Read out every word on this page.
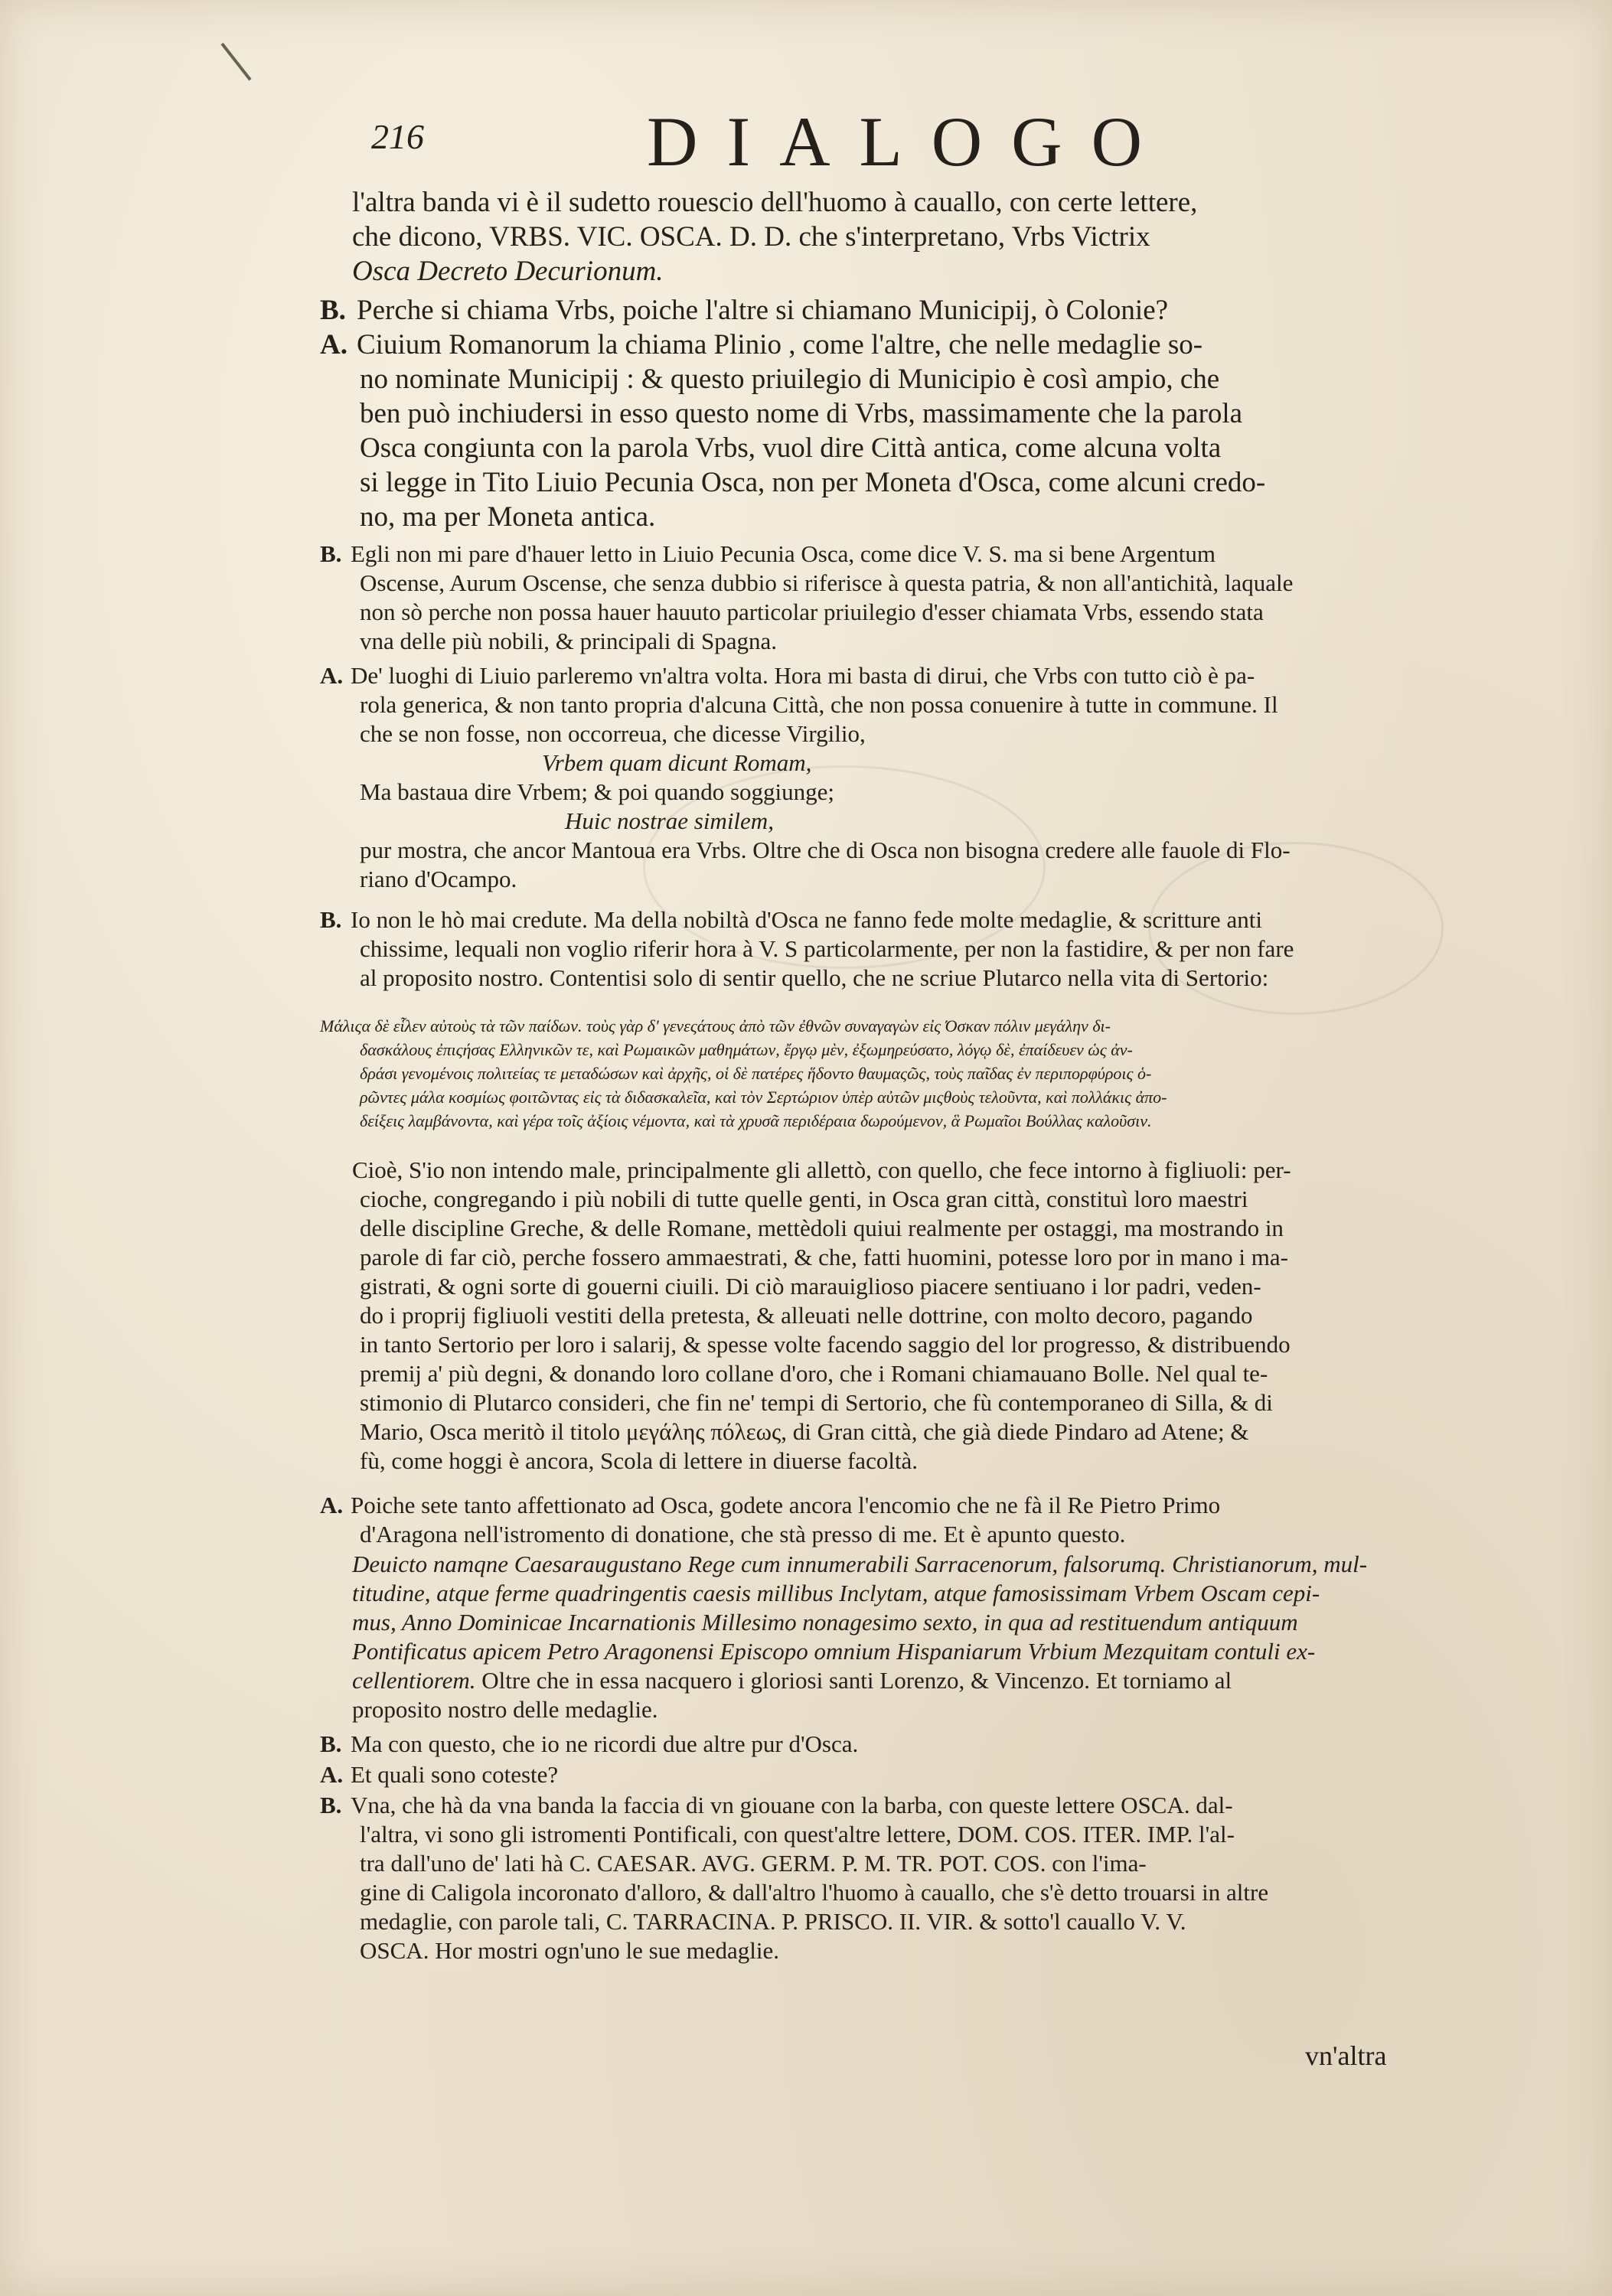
216	DIALOGO
l'altra banda vi è il sudetto rouescio dell'huomo à cauallo, con certe lettere,
che dicono, VRBS. VIC. OSCA. D. D. che s'interpretano, Vrbs Victrix
Osca Decreto Decurionum.
B. Perche si chiama Vrbs, poiche l'altre si chiamano Municipij, ò Colonie?
A. Ciuium Romanorum la chiama Plinio , come l'altre, che nelle medaglie so-
no nominate Municipij : & questo priuilegio di Municipio è così ampio, che
ben può inchiudersi in esso questo nome di Vrbs, massimamente che la parola
Osca congiunta con la parola Vrbs, vuol dire Città antica, come alcuna volta
si legge in Tito Liuio Pecunia Osca, non per Moneta d'Osca, come alcuni credo-
no, ma per Moneta antica.
B. Egli non mi pare d'hauer letto in Liuio Pecunia Osca, come dice V. S. ma si bene Argentum
Oscense, Aurum Oscense, che senza dubbio si riferisce à questa patria, & non all'antichità, laquale
non sò perche non possa hauer hauuto particolar priuilegio d'esser chiamata Vrbs, essendo stata
vna delle più nobili, & principali di Spagna.
A. De' luoghi di Liuio parleremo vn'altra volta. Hora mi basta di dirui, che Vrbs con tutto ciò è pa-
rola generica, & non tanto propria d'alcuna Città, che non possa conuenire à tutte in commune. Il
che se non fosse, non occorreua, che dicesse Virgilio,
Vrbem quam dicunt Romam,
Ma bastaua dire Vrbem; & poi quando soggiunge;
Huic nostrae similem,
pur mostra, che ancor Mantoua era Vrbs. Oltre che di Osca non bisogna credere alle fauole di Flo-
riano d'Ocampo.
B. Io non le hò mai credute. Ma della nobiltà d'Osca ne fanno fede molte medaglie, & scritture anti
chissime, lequali non voglio riferir hora à V. S particolarmente, per non la fastidire, & per non fare
al proposito nostro. Contentisi solo di sentir quello, che ne scriue Plutarco nella vita di Sertorio:
Μάλιςα δὲ εἷλεν αὐτοὺς τὰ τῶν παίδων. τοὺς γὰρ δ' γενεςάτους ἀπὸ τῶν ἐθνῶν συναγαγὼν εἰς Όσκαν πόλιν μεγάλην δι-
δασκάλους ἐπιςήσας Ελληνικῶν τε, καὶ Ρωμαικῶν μαθημάτων, ἔργῳ μὲν, ἐξωμηρεύσατο, λόγῳ δὲ, ἐπαίδευεν ὡς ἀν-
δράσι γενομένοις πολιτείας τε μεταδώσων καὶ ἀρχῆς, οἱ δὲ πατέρες ἥδοντο θαυμαςῶς, τοὺς παῖδας ἐν περιπορφύροις ὁ-
ρῶντες μάλα κοσμίως φοιτῶντας εἰς τὰ διδασκαλεῖα, καὶ τὸν Σερτώριον ὑπὲρ αὐτῶν μιςθοὺς τελοῦντα, καὶ πολλάκις ἀπο-
δείξεις λαμβάνοντα, καὶ γέρα τοῖς ἀξίοις νέμοντα, καὶ τὰ χρυσᾶ περιδέραια δωρούμενον, ἃ Ρωμαῖοι Βούλλας καλοῦσιν.
Cioè, S'io non intendo male, principalmente gli allettò, con quello, che fece intorno à figliuoli: per-
cioche, congregando i più nobili di tutte quelle genti, in Osca gran città, constituì loro maestri
delle discipline Greche, & delle Romane, mettèdoli quiui realmente per ostaggi, ma mostrando in
parole di far ciò, perche fossero ammaestrati, & che, fatti huomini, potesse loro por in mano i ma-
gistrati, & ogni sorte di gouerni ciuili. Di ciò marauiglioso piacere sentiuano i lor padri, veden-
do i proprij figliuoli vestiti della pretesta, & alleuati nelle dottrine, con molto decoro, pagando
in tanto Sertorio per loro i salarij, & spesse volte facendo saggio del lor progresso, & distribuendo
premij a' più degni, & donando loro collane d'oro, che i Romani chiamauano Bolle. Nel qual te-
stimonio di Plutarco consideri, che fin ne' tempi di Sertorio, che fù contemporaneo di Silla, & di
Mario, Osca meritò il titolo μεγάλης πόλεως, di Gran città, che già diede Pindaro ad Atene; &
fù, come hoggi è ancora, Scola di lettere in diuerse facoltà.
A. Poiche sete tanto affettionato ad Osca, godete ancora l'encomio che ne fà il Re Pietro Primo
d'Aragona nell'istromento di donatione, che stà presso di me. Et è apunto questo.
Deuicto namqne Caesaraugustano Rege cum innumerabili Sarracenorum, falsorumq. Christianorum, mul-
titudine, atque ferme quadringentis caesis millibus Inclytam, atque famosissimam Vrbem Oscam cepi-
mus, Anno Dominicae Incarnationis Millesimo nonagesimo sexto, in qua ad restituendum antiquum
Pontificatus apicem Petro Aragonensi Episcopo omnium Hispaniarum Vrbium Mezquitam contuli ex-
cellentiorem. Oltre che in essa nacquero i gloriosi santi Lorenzo, & Vincenzo. Et torniamo al
proposito nostro delle medaglie.
B. Ma con questo, che io ne ricordi due altre pur d'Osca.
A. Et quali sono coteste?
B. Vna, che hà da vna banda la faccia di vn giouane con la barba, con queste lettere OSCA. dal-
l'altra, vi sono gli istromenti Pontificali, con quest'altre lettere, DOM. COS. ITER. IMP. l'al-
tra dall'uno de' lati hà C. CAESAR. AVG. GERM. P. M. TR. POT. COS. con l'ima-
gine di Caligola incoronato d'alloro, & dall'altro l'huomo à cauallo, che s'è detto trouarsi in altre
medaglie, con parole tali, C. TARRACINA. P. PRISCO. II. VIR. & sotto'l cauallo V. V.
OSCA. Hor mostri ogn'uno le sue medaglie.
vn'altra
